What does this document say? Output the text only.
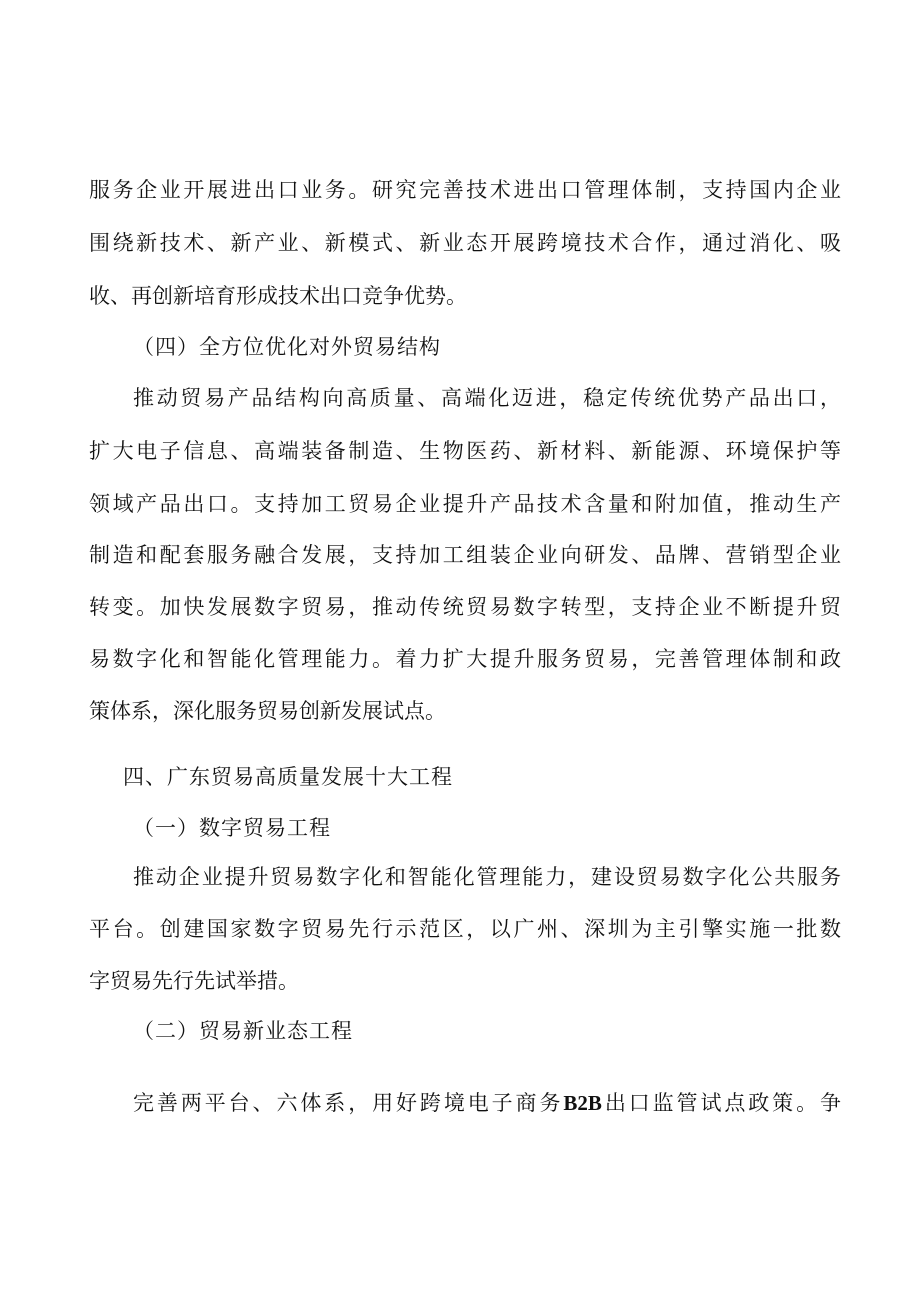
服务企业开展进出口业务。研究完善技术进出口管理体制，支持国内企业

围绕新技术、新产业、新模式、新业态开展跨境技术合作，通过消化、吸

收、再创新培育形成技术出口竞争优势。

（四）全方位优化对外贸易结构

推动贸易产品结构向高质量、高端化迈进，稳定传统优势产品出口，

扩大电子信息、高端装备制造、生物医药、新材料、新能源、环境保护等

领域产品出口。支持加工贸易企业提升产品技术含量和附加值，推动生产

制造和配套服务融合发展，支持加工组装企业向研发、品牌、营销型企业

转变。加快发展数字贸易，推动传统贸易数字转型，支持企业不断提升贸

易数字化和智能化管理能力。着力扩大提升服务贸易，完善管理体制和政

策体系，深化服务贸易创新发展试点。

四、广东贸易高质量发展十大工程

（一）数字贸易工程

推动企业提升贸易数字化和智能化管理能力，建设贸易数字化公共服务

平台。创建国家数字贸易先行示范区，以广州、深圳为主引擎实施一批数

字贸易先行先试举措。

（二）贸易新业态工程

完善两平台、六体系，用好跨境电子商务B2B出口监管试点政策。争
